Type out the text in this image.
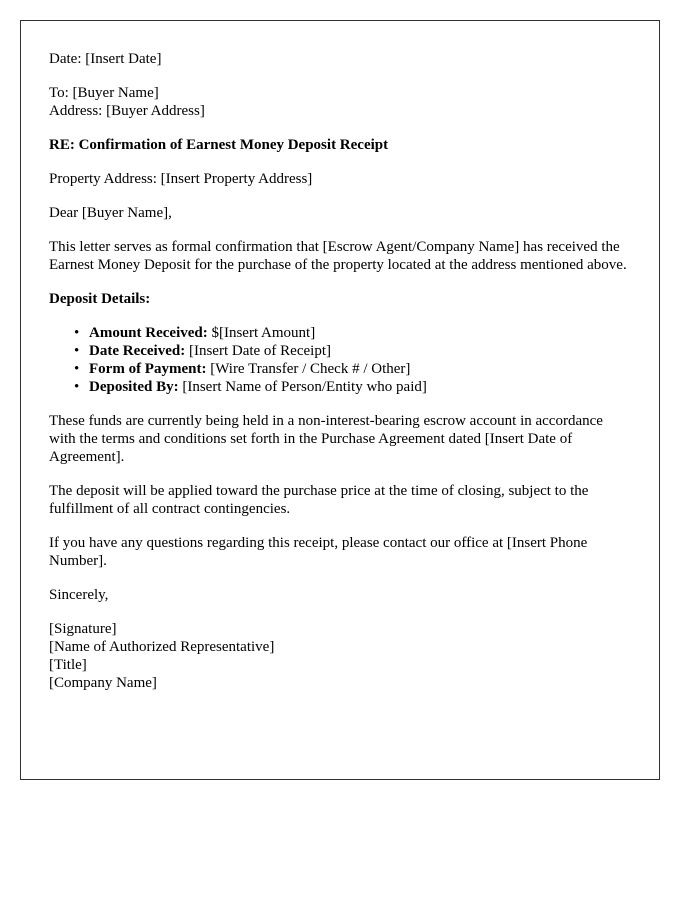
Date: [Insert Date]

To: [Buyer Name]
Address: [Buyer Address]

RE: Confirmation of Earnest Money Deposit Receipt

Property Address: [Insert Property Address]

Dear [Buyer Name],

This letter serves as formal confirmation that [Escrow Agent/Company Name] has received the Earnest Money Deposit for the purchase of the property located at the address mentioned above.

Deposit Details:

• Amount Received: $[Insert Amount]
• Date Received: [Insert Date of Receipt]
• Form of Payment: [Wire Transfer / Check # / Other]
• Deposited By: [Insert Name of Person/Entity who paid]

These funds are currently being held in a non-interest-bearing escrow account in accordance with the terms and conditions set forth in the Purchase Agreement dated [Insert Date of Agreement].

The deposit will be applied toward the purchase price at the time of closing, subject to the fulfillment of all contract contingencies.

If you have any questions regarding this receipt, please contact our office at [Insert Phone Number].

Sincerely,

[Signature]
[Name of Authorized Representative]
[Title]
[Company Name]
